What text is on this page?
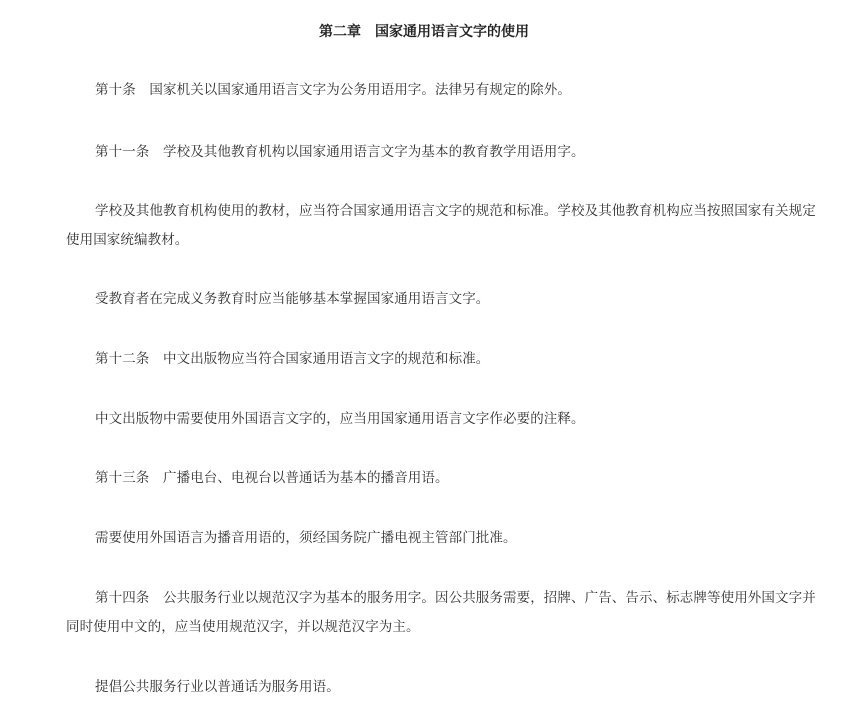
第二章　国家通用语言文字的使用

第十条　国家机关以国家通用语言文字为公务用语用字。法律另有规定的除外。

第十一条　学校及其他教育机构以国家通用语言文字为基本的教育教学用语用字。

学校及其他教育机构使用的教材，应当符合国家通用语言文字的规范和标准。学校及其他教育机构应当按照国家有关规定使用国家统编教材。

受教育者在完成义务教育时应当能够基本掌握国家通用语言文字。

第十二条　中文出版物应当符合国家通用语言文字的规范和标准。

中文出版物中需要使用外国语言文字的，应当用国家通用语言文字作必要的注释。

第十三条　广播电台、电视台以普通话为基本的播音用语。

需要使用外国语言为播音用语的，须经国务院广播电视主管部门批准。

第十四条　公共服务行业以规范汉字为基本的服务用字。因公共服务需要，招牌、广告、告示、标志牌等使用外国文字并同时使用中文的，应当使用规范汉字，并以规范汉字为主。

提倡公共服务行业以普通话为服务用语。
